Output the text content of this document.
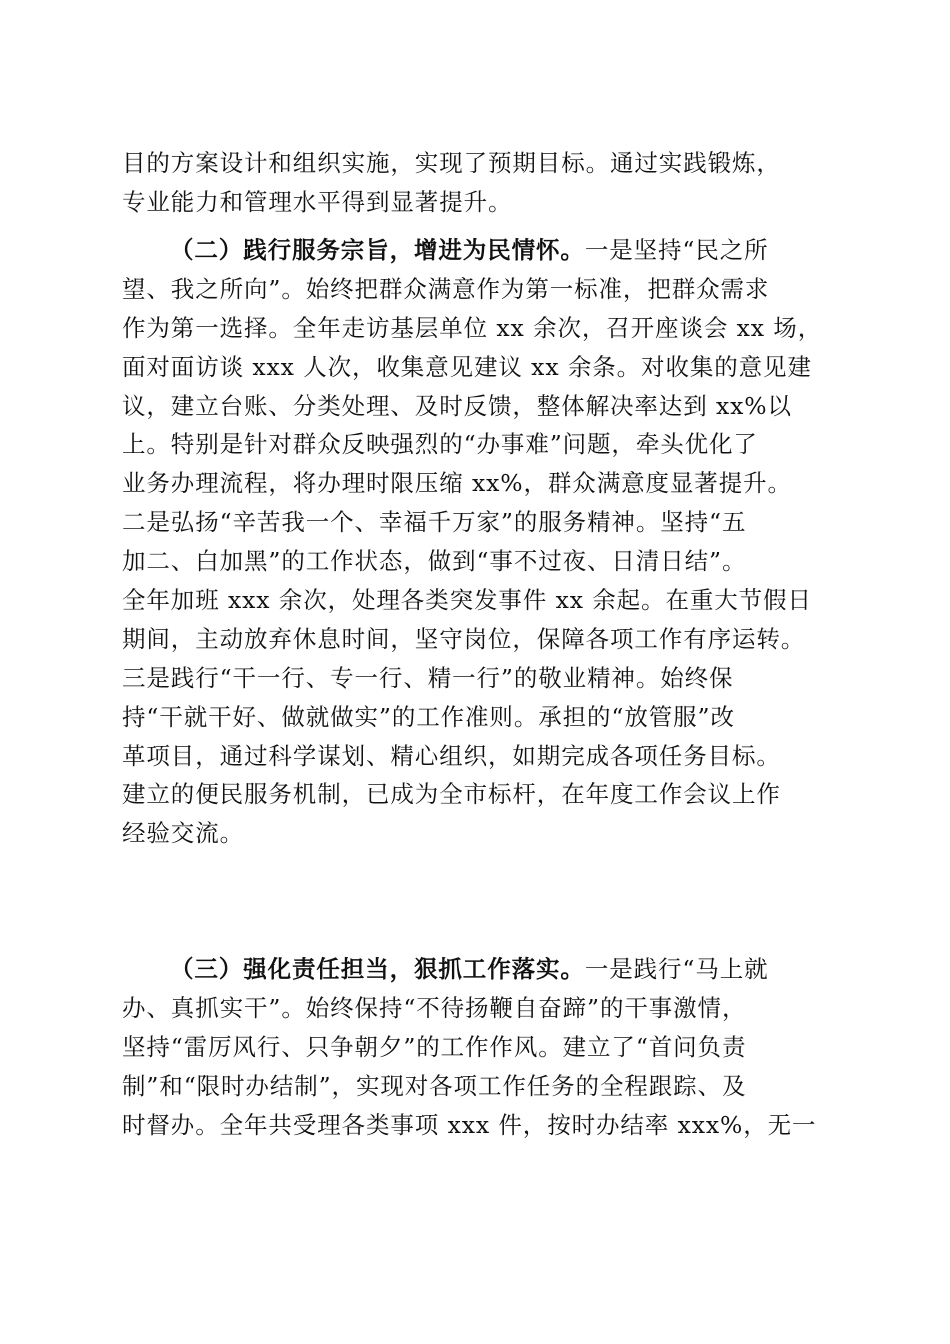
目的方案设计和组织实施，实现了预期目标。通过实践锻炼，
专业能力和管理水平得到显著提升。
（二）践行服务宗旨，增进为民情怀。一是坚持“民之所
望、我之所向”。始终把群众满意作为第一标准，把群众需求
作为第一选择。全年走访基层单位 xx 余次，召开座谈会 xx 场，
面对面访谈 xxx 人次，收集意见建议 xx 余条。对收集的意见建
议，建立台账、分类处理、及时反馈，整体解决率达到 xx%以
上。特别是针对群众反映强烈的“办事难”问题，牵头优化了
业务办理流程，将办理时限压缩 xx%，群众满意度显著提升。
二是弘扬“辛苦我一个、幸福千万家”的服务精神。坚持“五
加二、白加黑”的工作状态，做到“事不过夜、日清日结”。
全年加班 xxx 余次，处理各类突发事件 xx 余起。在重大节假日
期间，主动放弃休息时间，坚守岗位，保障各项工作有序运转。
三是践行“干一行、专一行、精一行”的敬业精神。始终保
持“干就干好、做就做实”的工作准则。承担的“放管服”改
革项目，通过科学谋划、精心组织，如期完成各项任务目标。
建立的便民服务机制，已成为全市标杆，在年度工作会议上作
经验交流。
（三）强化责任担当，狠抓工作落实。一是践行“马上就
办、真抓实干”。始终保持“不待扬鞭自奋蹄”的干事激情，
坚持“雷厉风行、只争朝夕”的工作作风。建立了“首问负责
制”和“限时办结制”，实现对各项工作任务的全程跟踪、及
时督办。全年共受理各类事项 xxx 件，按时办结率 xxx%，无一
